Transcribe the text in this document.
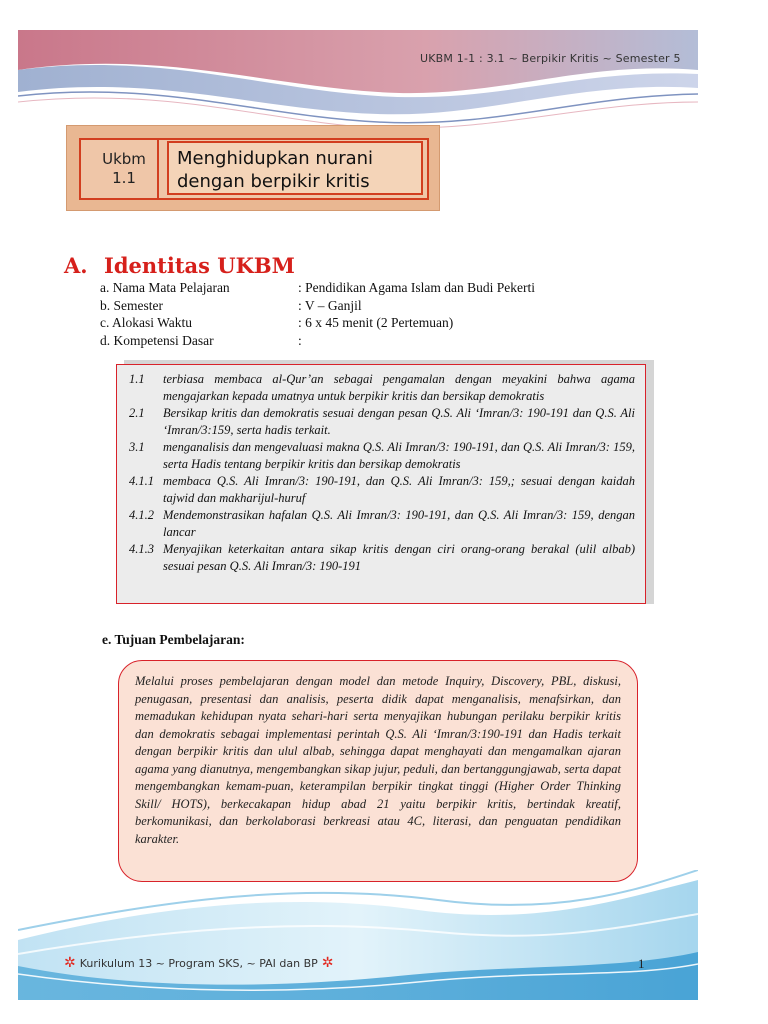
UKBM 1-1 : 3.1 ~ Berpikir Kritis ~ Semester 5
Ukbm
1.1
Menghidupkan nurani
dengan berpikir kritis
A. Identitas UKBM
a. Nama Mata Pelajaran	: Pendidikan Agama Islam dan Budi Pekerti
b. Semester	: V – Ganjil
c. Alokasi Waktu	: 6 x 45 menit (2 Pertemuan)
d. Kompetensi Dasar	:
1.1	terbiasa membaca al-Qur’an sebagai pengamalan dengan meyakini bahwa agama mengajarkan kepada umatnya untuk berpikir kritis dan bersikap demokratis
2.1	Bersikap kritis dan demokratis sesuai dengan pesan Q.S. Ali ‘Imran/3: 190-191 dan Q.S. Ali ‘Imran/3:159, serta hadis terkait.
3.1	menganalisis dan mengevaluasi makna Q.S. Ali Imran/3: 190-191, dan Q.S. Ali Imran/3: 159, serta Hadis tentang berpikir kritis dan bersikap demokratis
4.1.1 membaca Q.S. Ali Imran/3: 190-191, dan Q.S. Ali Imran/3: 159,; sesuai dengan kaidah tajwid dan makharijul-huruf
4.1.2 Mendemonstrasikan hafalan Q.S. Ali Imran/3: 190-191, dan Q.S. Ali Imran/3: 159, dengan lancar
4.1.3 Menyajikan keterkaitan antara sikap kritis dengan ciri orang-orang berakal (ulil albab) sesuai pesan Q.S. Ali Imran/3: 190-191
e. Tujuan Pembelajaran:
Melalui proses pembelajaran dengan model dan metode Inquiry, Discovery, PBL, diskusi, penugasan, presentasi dan analisis, peserta didik dapat menganalisis, menafsirkan, dan memadukan kehidupan nyata sehari-hari serta menyajikan hubungan perilaku berpikir kritis dan demokratis sebagai implementasi perintah Q.S. Ali ‘Imran/3:190-191 dan Hadis terkait dengan berpikir kritis dan ulul albab, sehingga dapat menghayati dan mengamalkan ajaran agama yang dianutnya, mengembangkan sikap jujur, peduli, dan bertanggungjawab, serta dapat mengembangkan kemam-puan, keterampilan berpikir tingkat tinggi (Higher Order Thinking Skill/ HOTS), berkecakapan hidup abad 21 yaitu berpikir kritis, bertindak kreatif, berkomunikasi, dan berkolaborasi berkreasi atau 4C, literasi, dan penguatan pendidikan karakter.
✲ Kurikulum 13 ~ Program SKS, ~ PAI dan BP ✲	1
